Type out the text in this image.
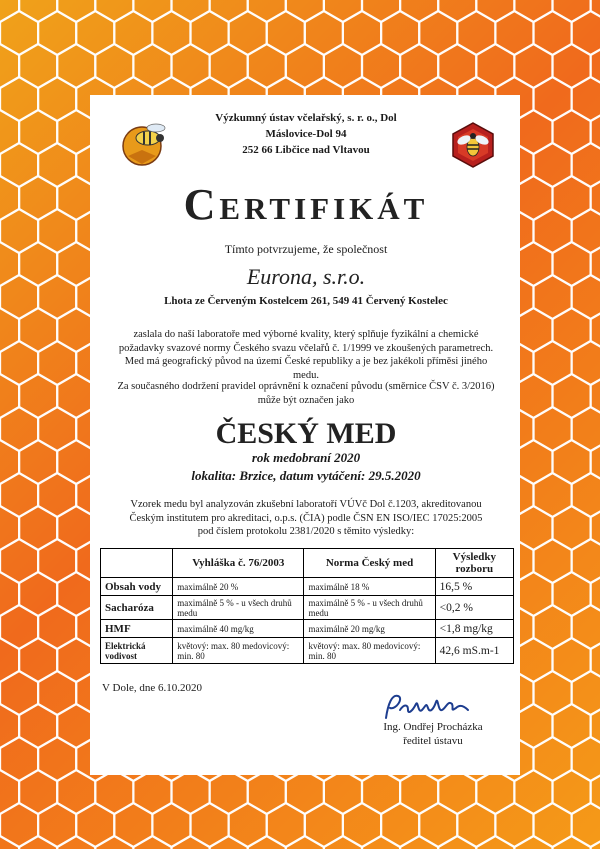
Výzkumný ústav včelařský, s. r. o., Dol
Máslovice-Dol 94
252 66 Libčice nad Vltavou
Certifikát
Tímto potvrzujeme, že společnost
Eurona, s.r.o.
Lhota ze Červeným Kostelcem 261, 549 41 Červený Kostelec
zaslala do naší laboratoře med výborné kvality, který splňuje fyzikální a chemické
požadavky svazové normy Českého svazu včelařů č. 1/1999 ve zkoušených parametrech.
Med má geografický původ na území České republiky a je bez jakékoli příměsi jiného
medu.
Za současného dodržení pravidel oprávnění k označení původu (směrnice ČSV č. 3/2016)
může být označen jako
ČESKÝ MED
rok medobraní 2020
lokalita: Brzice, datum vytáčení: 29.5.2020
Vzorek medu byl analyzován zkušební laboratoří VÚVč Dol č.1203, akreditovanou
Českým institutem pro akreditaci, o.p.s. (ČIA) podle ČSN EN ISO/IEC 17025:2005
pod číslem protokolu 2381/2020 s těmito výsledky:
	Vyhláška č. 76/2003	Norma Český med	Výsledky rozboru
Obsah vody	maximálně 20 %	maximálně 18 %	16,5 %
Sacharóza	maximálně 5 % - u všech druhů medu	maximálně 5 % - u všech druhů medu	<0,2 %
HMF	maximálně 40 mg/kg	maximálně 20 mg/kg	<1,8 mg/kg
Elektrická vodivost	květový: max. 80 medovicový: min. 80	květový: max. 80 medovicový: min. 80	42,6 mS.m-1
V Dole, dne 6.10.2020
Ing. Ondřej Procházka
ředitel ústavu
